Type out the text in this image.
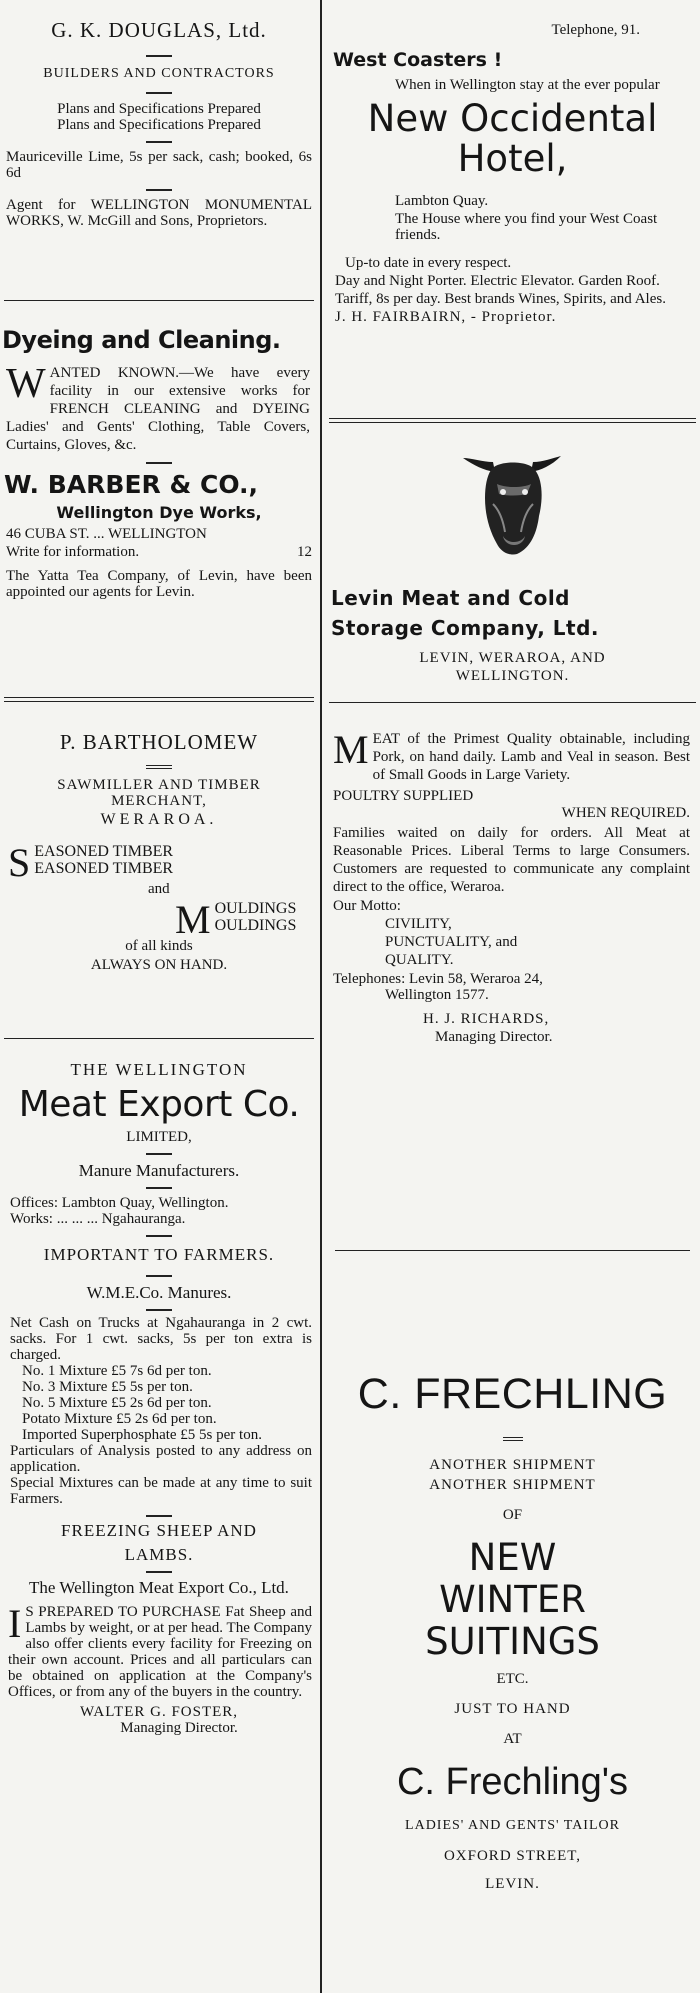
G. K. DOUGLAS, Ltd.
BUILDERS AND CONTRACTORS
Plans and Specifications Prepared
Plans and Specifications Prepared
Mauriceville Lime, 5s per sack, cash; booked, 6s 6d
Agent for WELLINGTON MONUMENTAL WORKS, W. McGill and Sons, Proprietors.
Dyeing and Cleaning.
WANTED KNOWN.—We have every facility in our extensive works for FRENCH CLEANING and DYEING Ladies' and Gents' Clothing, Table Covers, Curtains, Gloves, &c.
W. BARBER & CO.,
Wellington Dye Works,
46 CUBA ST. ... WELLINGTON
Write for information.	12
The Yatta Tea Company, of Levin, have been appointed our agents for Levin.
P. BARTHOLOMEW
SAWMILLER AND TIMBER
MERCHANT,
WERAROA.
S EASONED TIMBER
EASONED TIMBER
and
M OULDINGS
OULDINGS
of all kinds
ALWAYS ON HAND.
THE WELLINGTON
Meat Export Co.
LIMITED,
Manure Manufacturers.
Offices: Lambton Quay, Wellington.
Works: ... ... ... Ngahauranga.
IMPORTANT TO FARMERS.
W.M.E.Co. Manures.
Net Cash on Trucks at Ngahauranga in 2 cwt. sacks. For 1 cwt. sacks, 5s per ton extra is charged.
No. 1 Mixture £5 7s 6d per ton.
No. 3 Mixture £5 5s per ton.
No. 5 Mixture £5 2s 6d per ton.
Potato Mixture £5 2s 6d per ton.
Imported Superphosphate £5 5s per ton.
Particulars of Analysis posted to any address on application.
Special Mixtures can be made at any time to suit Farmers.
FREEZING SHEEP AND
LAMBS.
The Wellington Meat Export Co., Ltd.
I S PREPARED TO PURCHASE Fat Sheep and Lambs by weight, or at per head. The Company also offer clients every facility for Freezing on their own account. Prices and all particulars can be obtained on application at the Company's Offices, or from any of the buyers in the country.
WALTER G. FOSTER,
Managing Director.
Telephone, 91.
West Coasters !
When in Wellington stay at the ever popular
New Occidental
Hotel,
Lambton Quay.
The House where you find your West Coast friends.
Up-to date in every respect.
Day and Night Porter. Electric Elevator. Garden Roof.
Tariff, 8s per day. Best brands Wines, Spirits, and Ales.
J. H. FAIRBAIRN, - Proprietor.
Levin Meat and Cold
Storage Company, Ltd.
LEVIN, WERAROA, AND
WELLINGTON.
MEAT of the Primest Quality obtainable, including Pork, on hand daily. Lamb and Veal in season. Best of Small Goods in Large Variety.
POULTRY SUPPLIED
WHEN REQUIRED.
Families waited on daily for orders. All Meat at Reasonable Prices. Liberal Terms to large Consumers. Customers are requested to communicate any complaint direct to the office, Weraroa.
Our Motto:
CIVILITY,
PUNCTUALITY, and
QUALITY.
Telephones: Levin 58, Weraroa 24,
Wellington 1577.
H. J. RICHARDS,
Managing Director.
C. FRECHLING
ANOTHER SHIPMENT
ANOTHER SHIPMENT
OF
NEW
WINTER
SUITINGS
ETC.
JUST TO HAND
AT
C. Frechling's
LADIES' AND GENTS' TAILOR
OXFORD STREET,
LEVIN.
